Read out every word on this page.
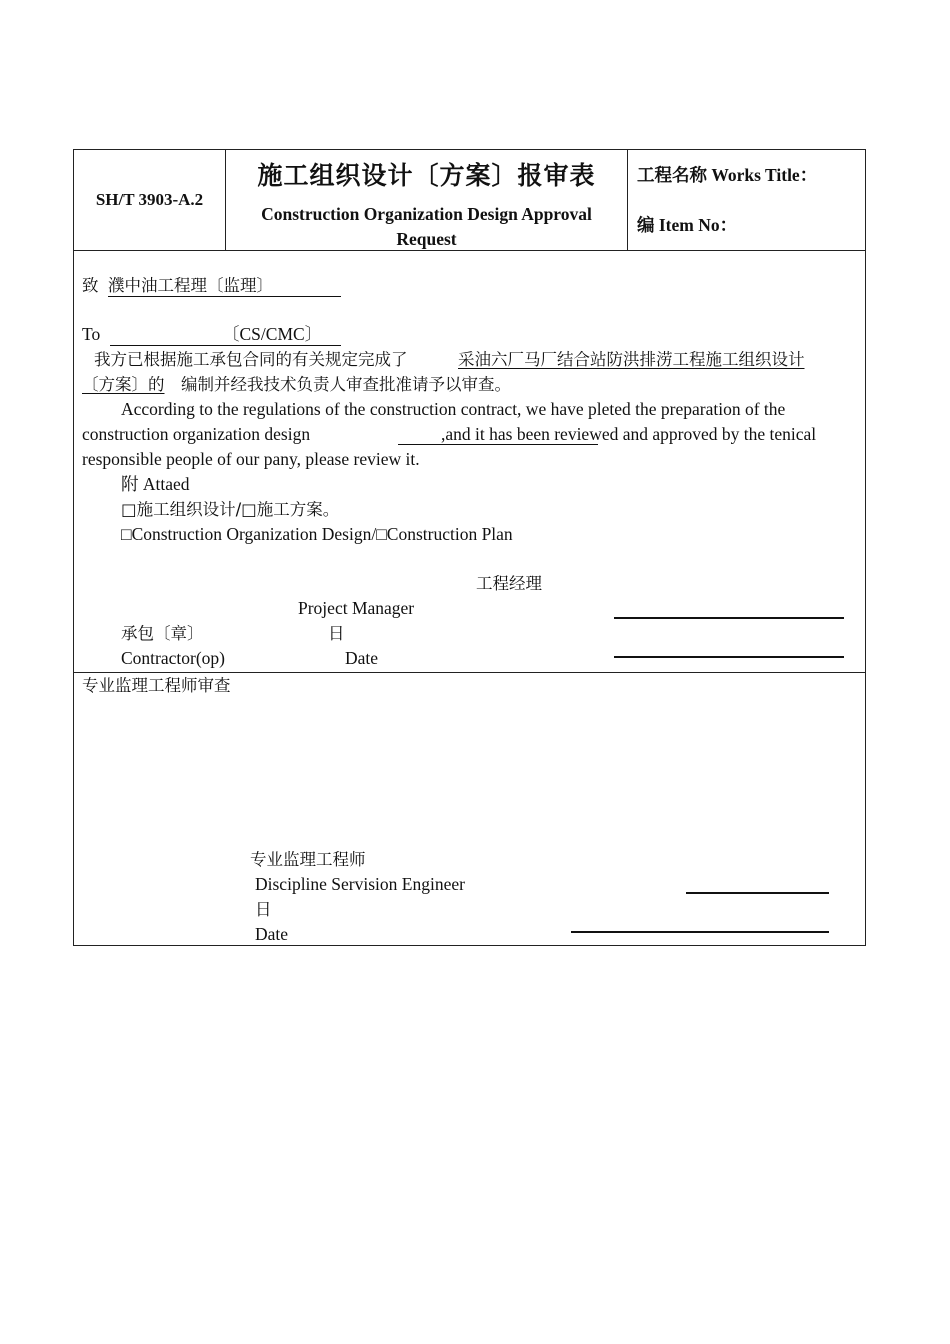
SH/T 3903-A.2
施工组织设计〔方案〕报审表
Construction Organization Design Approval Request
工程名称 Works Title：
编 Item No：
致 濮中油工程理〔监理〕
To	〔CS/CMC〕
我方已根据施工承包合同的有关规定完成了	采油六厂马厂结合站防洪排涝工程施工组织设计
〔方案〕的 编制并经我技术负责人审查批准请予以审查。
According to the regulations of the construction contract, we have pleted the preparation of the
construction organization design	,and it has been reviewed and approved by the tenical
responsible people of our pany, please review it.
附 Attaed
□施工组织设计/□施工方案。
□Construction Organization Design/□Construction Plan
工程经理
Project Manager
承包〔章〕	日
Contractor(op)	Date
专业监理工程师审查
专业监理工程师
Discipline Servision Engineer
日
Date
